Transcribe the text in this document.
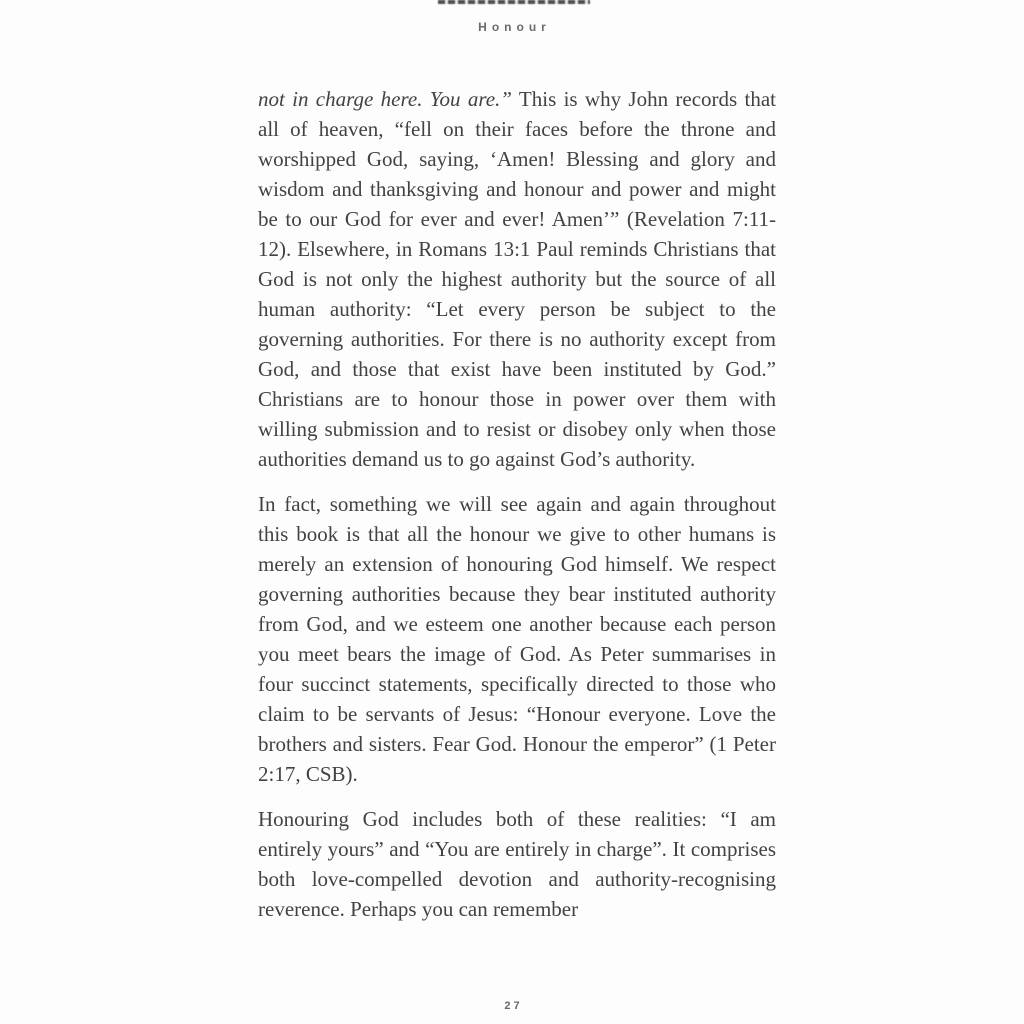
Honour

not in charge here. You are.” This is why John records that all of heaven, “fell on their faces before the throne and worshipped God, saying, ‘Amen! Blessing and glory and wisdom and thanksgiving and honour and power and might be to our God for ever and ever! Amen’” (Revelation 7:11-12). Elsewhere, in Romans 13:1 Paul reminds Christians that God is not only the highest authority but the source of all human authority: “Let every person be subject to the governing authorities. For there is no authority except from God, and those that exist have been instituted by God.” Christians are to honour those in power over them with willing submission and to resist or disobey only when those authorities demand us to go against God’s authority.

In fact, something we will see again and again throughout this book is that all the honour we give to other humans is merely an extension of honouring God himself. We respect governing authorities because they bear instituted authority from God, and we esteem one another because each person you meet bears the image of God. As Peter summarises in four succinct statements, specifically directed to those who claim to be servants of Jesus: “Honour everyone. Love the brothers and sisters. Fear God. Honour the emperor” (1 Peter 2:17, CSB).

Honouring God includes both of these realities: “I am entirely yours” and “You are entirely in charge”. It comprises both love-compelled devotion and authority-recognising reverence. Perhaps you can remember

27
